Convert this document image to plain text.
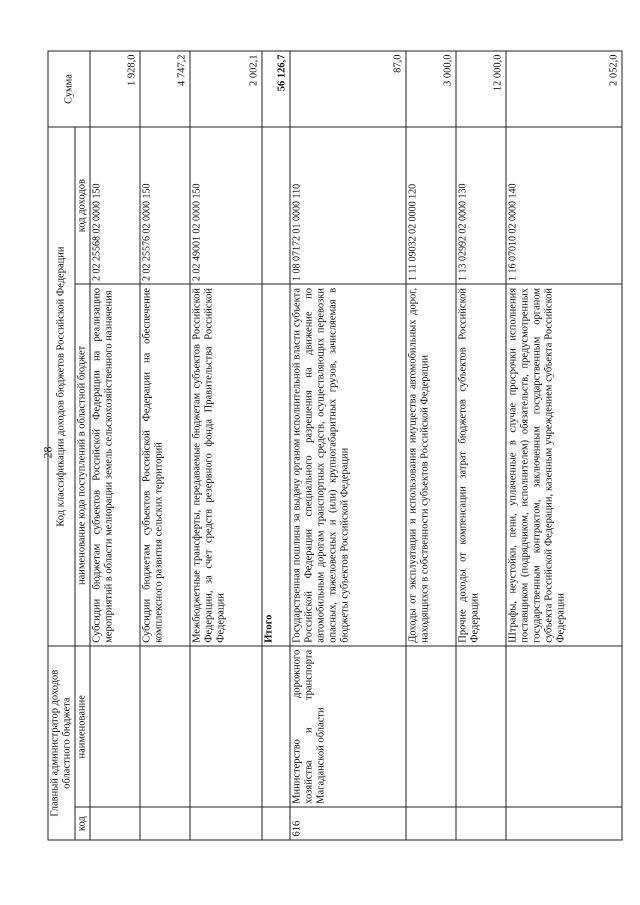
28
Главный администратор доходов областного бюджета		Код классификации доходов бюджетов Российской Федерации		Сумма
код	наименование	наименование кода поступлений в областной бюджет	код доходов	
		Субсидии бюджетам субъектов Российской Федерации на реализацию мероприятий в области мелиорации земель сельскохозяйственного назначения	2 02 25568 02 0000 150	1 928,0
		Субсидии бюджетам субъектов Российской Федерации на обеспечение комплексного развития сельских территорий	2 02 25576 02 0000 150	4 747,2
		Межбюджетные трансферты, передаваемые бюджетам субъектов Российской Федерации, за счет средств резервного фонда Правительства Российской Федерации	2 02 49001 02 0000 150	2 002,1
		Итого		56 126,7
616	Министерство дорожного хозяйства и транспорта Магаданской области	Государственная пошлина за выдачу органом исполнительной власти субъекта Российской Федерации специального разрешения на движение по автомобильным дорогам транспортных средств, осуществляющих перевозки опасных, тяжеловесных и (или) крупногабаритных грузов, зачисляемая в бюджеты субъектов Российской Федерации	1 08 07172 01 0000 110	87,0
		Доходы от эксплуатации и использования имущества автомобильных дорог, находящихся в собственности субъектов Российской Федерации	1 11 09032 02 0000 120	3 000,0
		Прочие доходы от компенсации затрат бюджетов субъектов Российской Федерации	1 13 02992 02 0000 130	12 000,0
		Штрафы, неустойки, пени, уплаченные в случае просрочки исполнения поставщиком (подрядчиком, исполнителем) обязательств, предусмотренных государственным контрактом, заключенным государственным органом субъекта Российской Федерации, казенным учреждением субъекта Российской Федерации	1 16 07010 02 0000 140	2 052,0
